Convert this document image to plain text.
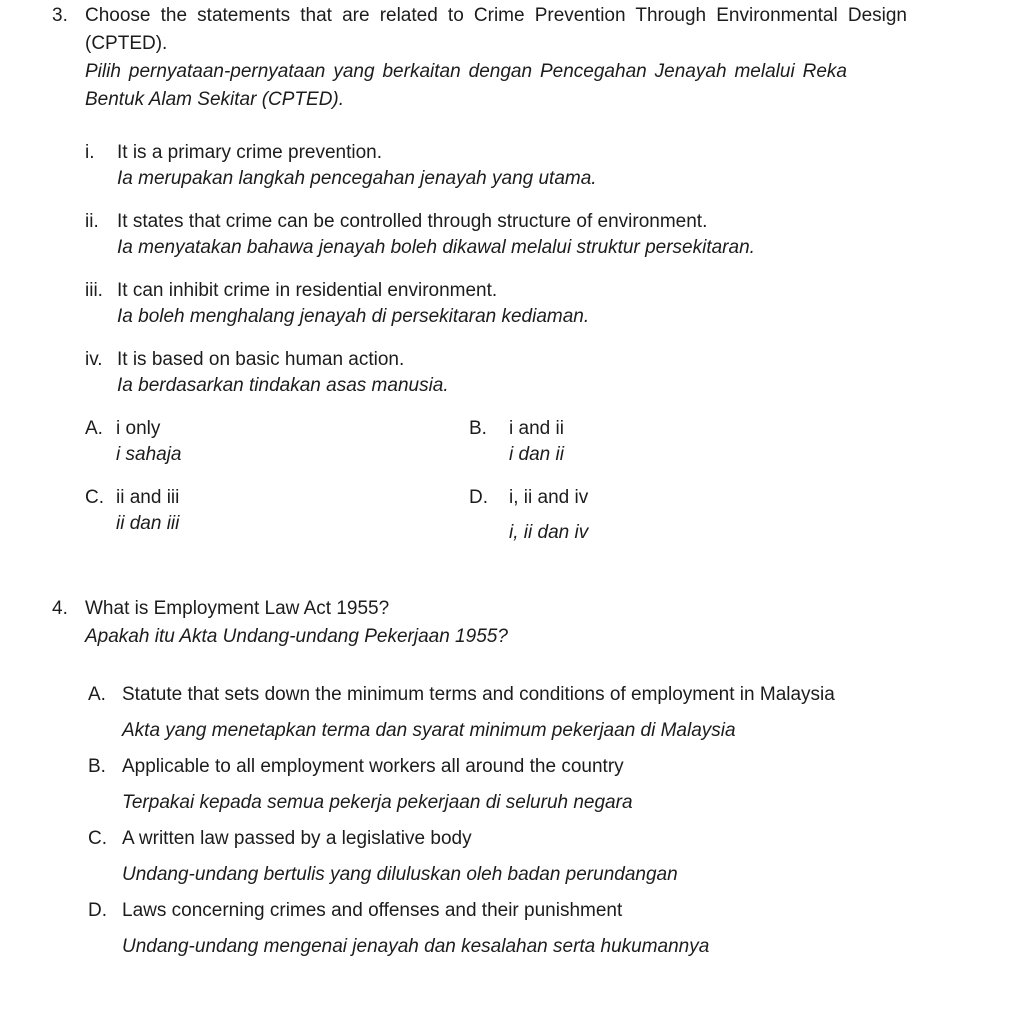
3. Choose the statements that are related to Crime Prevention Through Environmental Design (CPTED).

Pilih pernyataan-pernyataan yang berkaitan dengan Pencegahan Jenayah melalui Reka Bentuk Alam Sekitar (CPTED).

i.	It is a primary crime prevention.
Ia merupakan langkah pencegahan jenayah yang utama.
ii. It states that crime can be controlled through structure of environment.
Ia menyatakan bahawa jenayah boleh dikawal melalui struktur persekitaran.
iii. It can inhibit crime in residential environment.
Ia boleh menghalang jenayah di persekitaran kediaman.
iv. It is based on basic human action.
Ia berdasarkan tindakan asas manusia.
A. i only
i sahaja
B.	i and ii
i dan ii
C. ii and iii
ii dan iii
D.	i, ii and iv
i, ii dan iv
4. What is Employment Law Act 1955?

Apakah itu Akta Undang-undang Pekerjaan 1955?

A. Statute that sets down the minimum terms and conditions of employment in Malaysia
Akta yang menetapkan terma dan syarat minimum pekerjaan di Malaysia
B. Applicable to all employment workers all around the country
Terpakai kepada semua pekerja pekerjaan di seluruh negara
C. A written law passed by a legislative body
Undang-undang bertulis yang diluluskan oleh badan perundangan
D. Laws concerning crimes and offenses and their punishment
Undang-undang mengenai jenayah dan kesalahan serta hukumannya
